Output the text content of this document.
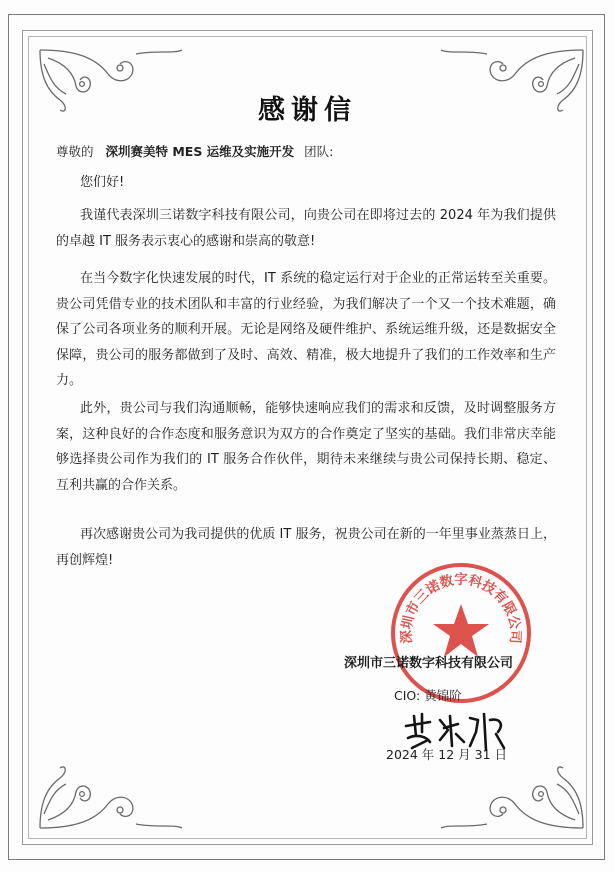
感谢信
尊敬的 深圳赛美特 MES 运维及实施开发 团队:
您们好!

我谨代表深圳三诺数字科技有限公司，向贵公司在即将过去的 2024 年为我们提供的卓越 IT 服务表示衷心的感谢和崇高的敬意!

在当今数字化快速发展的时代，IT 系统的稳定运行对于企业的正常运转至关重要。贵公司凭借专业的技术团队和丰富的行业经验，为我们解决了一个又一个技术难题，确保了公司各项业务的顺利开展。无论是网络及硬件维护、系统运维升级，还是数据安全保障，贵公司的服务都做到了及时、高效、精准，极大地提升了我们的工作效率和生产力。

此外，贵公司与我们沟通顺畅，能够快速响应我们的需求和反馈，及时调整服务方案，这种良好的合作态度和服务意识为双方的合作奠定了坚实的基础。我们非常庆幸能够选择贵公司作为我们的 IT 服务合作伙伴，期待未来继续与贵公司保持长期、稳定、互利共赢的合作关系。

再次感谢贵公司为我司提供的优质 IT 服务，祝贵公司在新的一年里事业蒸蒸日上，再创辉煌!

深圳市三诺数字科技有限公司
深圳市三诺数字科技有限公司
CIO: 黄锦阶
2024 年 12 月 31 日
